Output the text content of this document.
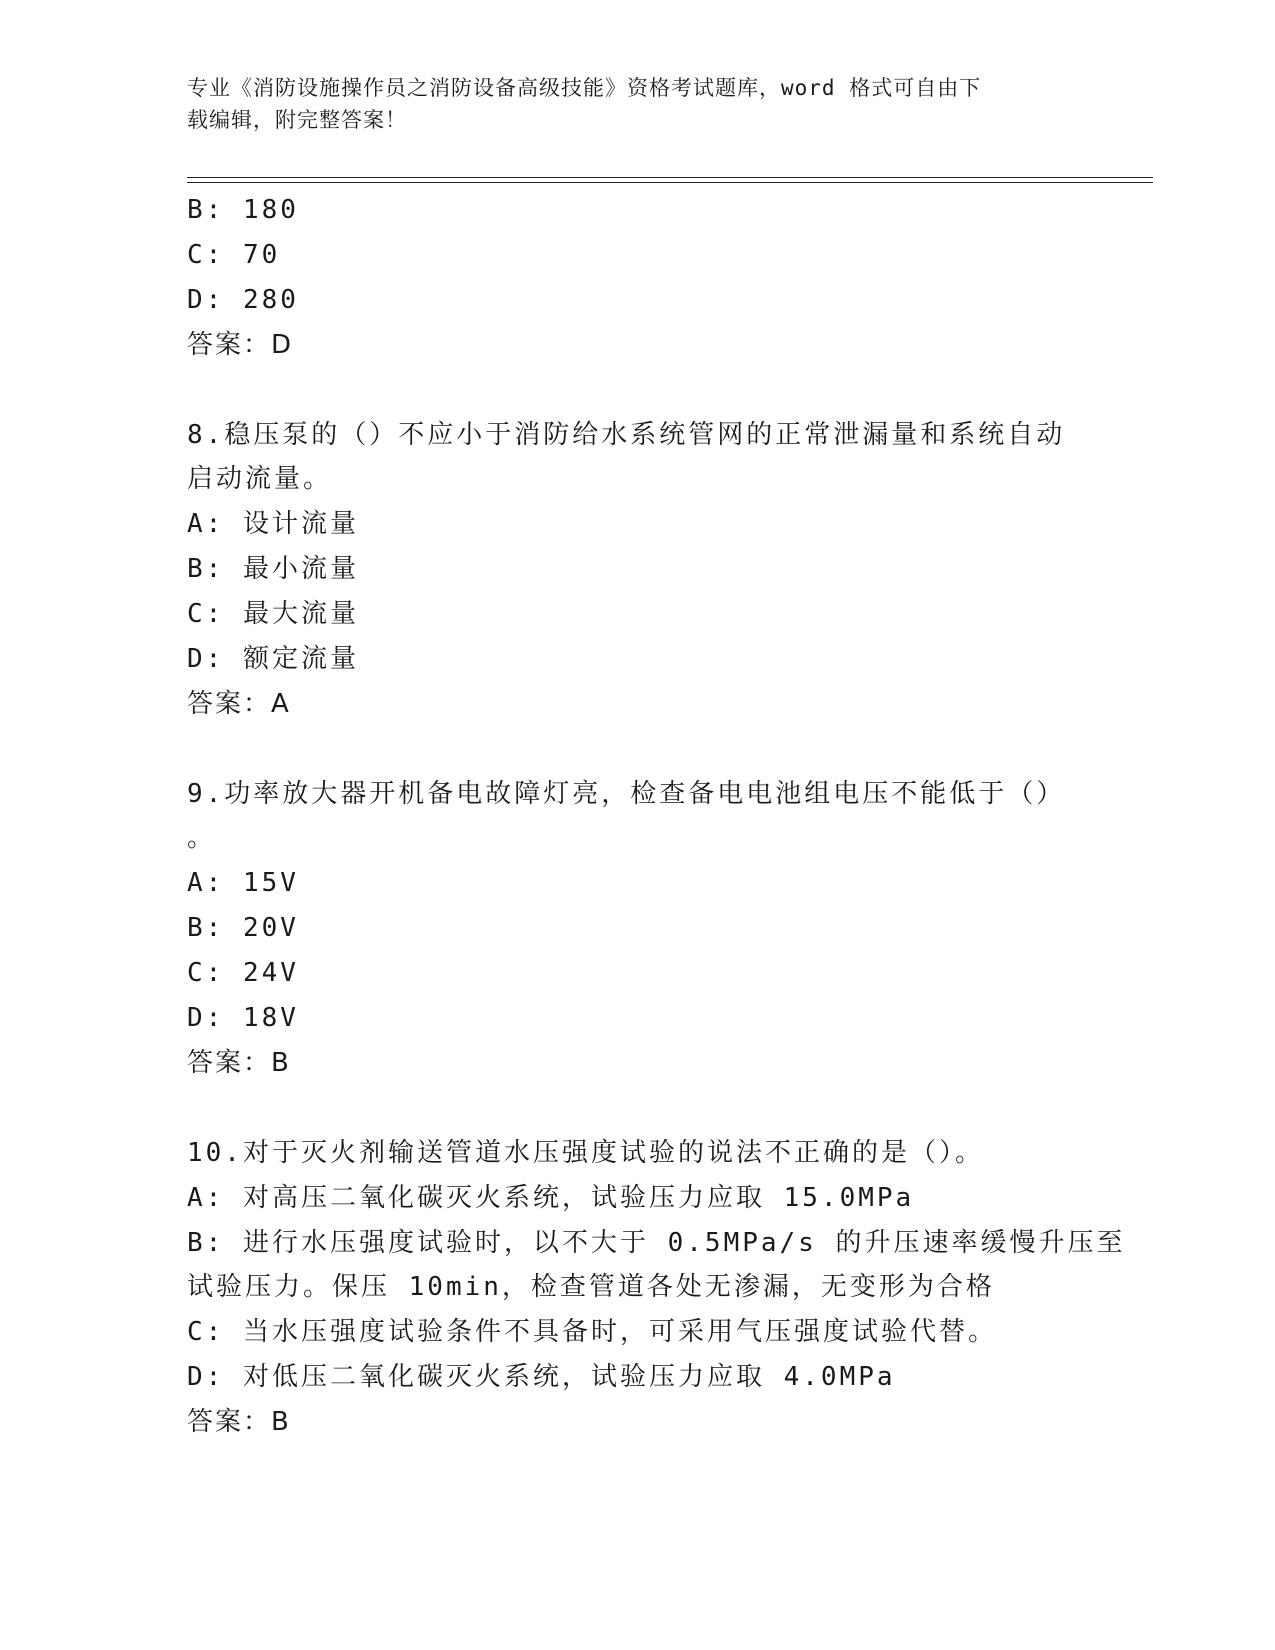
专业《消防设施操作员之消防设备高级技能》资格考试题库，word 格式可自由下
载编辑，附完整答案！
B: 180
C: 70
D: 280
答案：D
8.稳压泵的（）不应小于消防给水系统管网的正常泄漏量和系统自动
启动流量。
A: 设计流量
B: 最小流量
C: 最大流量
D: 额定流量
答案：A
9.功率放大器开机备电故障灯亮，检查备电电池组电压不能低于（）
。
A: 15V
B: 20V
C: 24V
D: 18V
答案：B
10.对于灭火剂输送管道水压强度试验的说法不正确的是（）。
A: 对高压二氧化碳灭火系统，试验压力应取 15.0MPa
B: 进行水压强度试验时，以不大于 0.5MPa/s 的升压速率缓慢升压至
试验压力。保压 10min，检查管道各处无渗漏，无变形为合格
C: 当水压强度试验条件不具备时，可采用气压强度试验代替。
D: 对低压二氧化碳灭火系统，试验压力应取 4.0MPa
答案：B
